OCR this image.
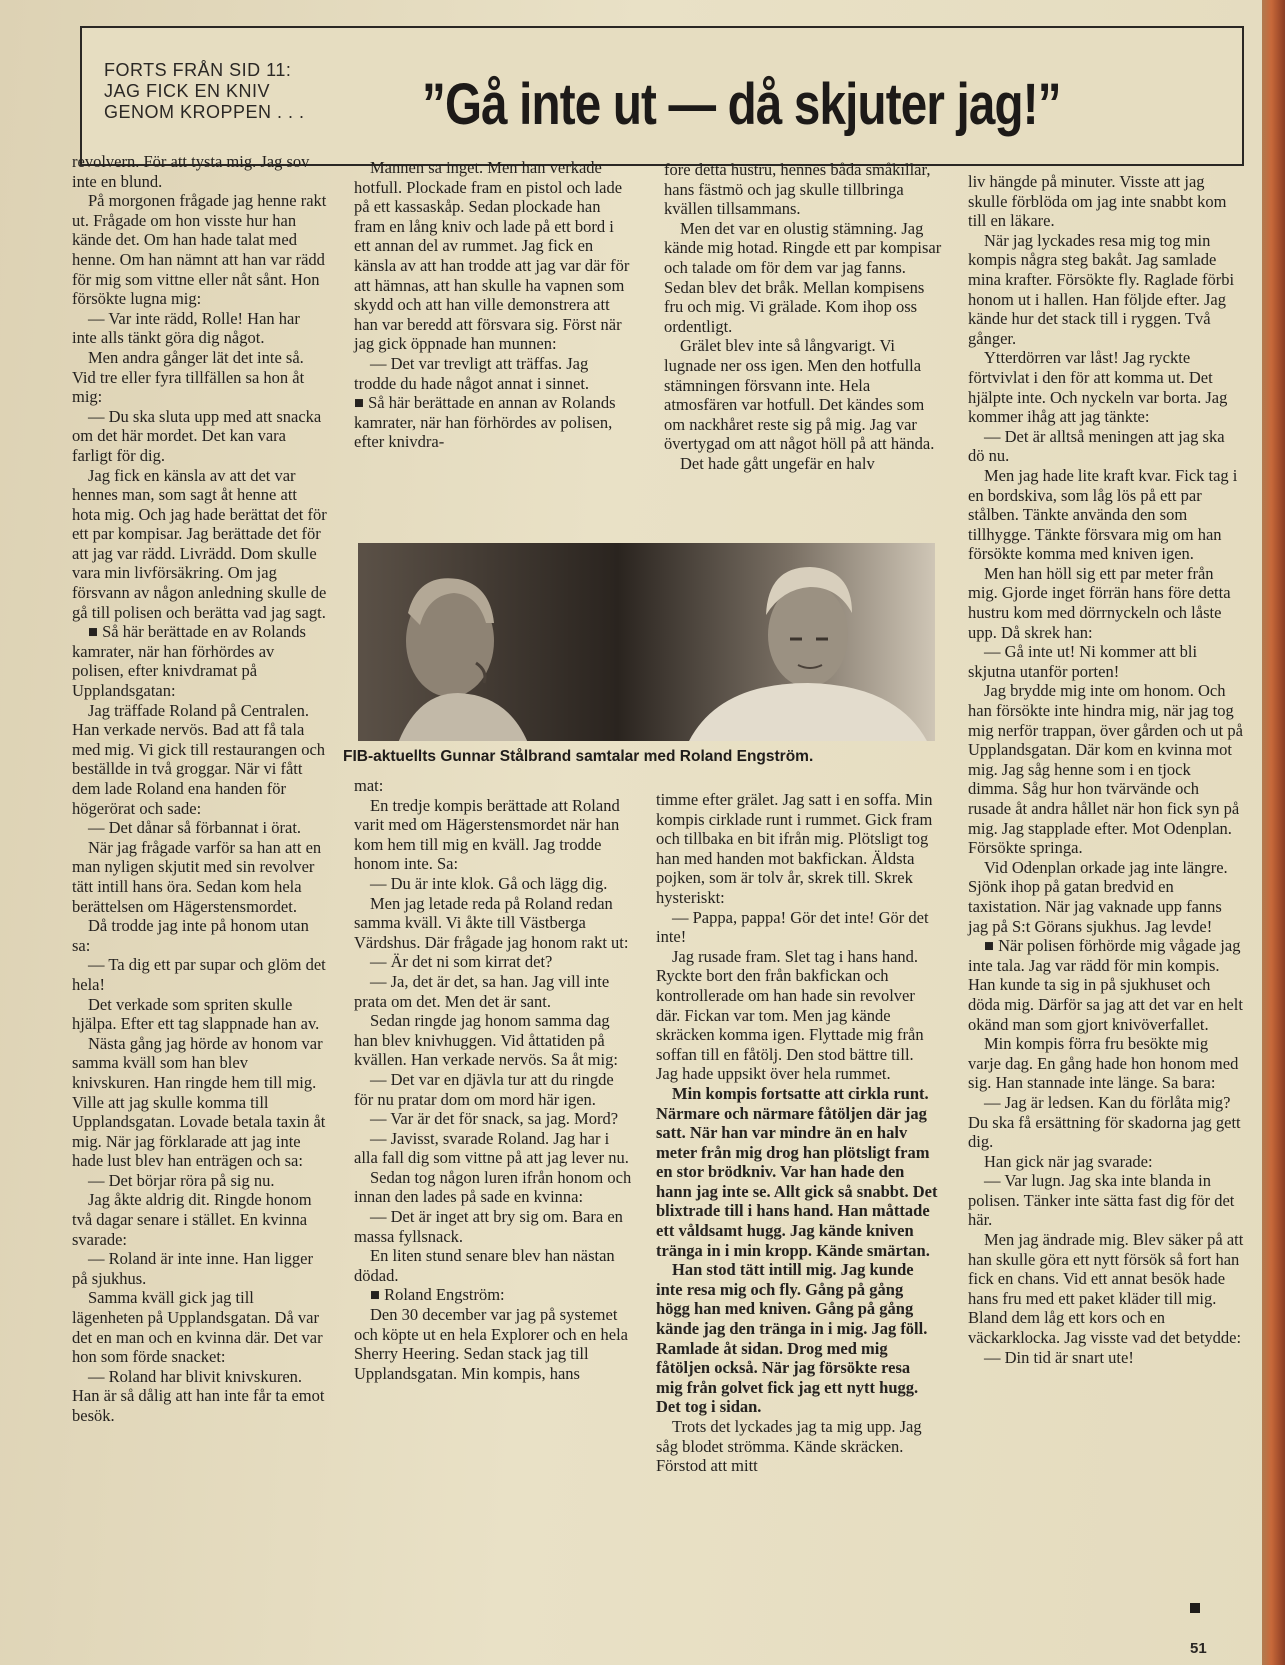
FORTS FRÅN SID 11:
JAG FICK EN KNIV
GENOM KROPPEN . . .	”Gå inte ut — då skjuter jag!”

revolvern. För att tysta mig. Jag sov inte en blund.

På morgonen frågade jag henne rakt ut. Frågade om hon visste hur han kände det. Om han hade talat med henne. Om han nämnt att han var rädd för mig som vittne eller nåt sånt. Hon försökte lugna mig:

— Var inte rädd, Rolle! Han har inte alls tänkt göra dig något.

Men andra gånger lät det inte så. Vid tre eller fyra tillfällen sa hon åt mig:

— Du ska sluta upp med att snacka om det här mordet. Det kan vara farligt för dig.

Jag fick en känsla av att det var hennes man, som sagt åt henne att hota mig. Och jag hade berättat det för ett par kompisar. Jag berättade det för att jag var rädd. Livrädd. Dom skulle vara min livförsäkring. Om jag försvann av någon anledning skulle de gå till polisen och berätta vad jag sagt.

■ Så här berättade en av Rolands kamrater, när han förhördes av polisen, efter knivdramat på Upplandsgatan:

Jag träffade Roland på Centralen. Han verkade nervös. Bad att få tala med mig. Vi gick till restaurangen och beställde in två groggar. När vi fått dem lade Roland ena handen för högerörat och sade:

— Det dånar så förbannat i örat.

När jag frågade varför sa han att en man nyligen skjutit med sin revolver tätt intill hans öra. Sedan kom hela berättelsen om Hägerstensmordet.

Då trodde jag inte på honom utan sa:

— Ta dig ett par supar och glöm det hela!

Det verkade som spriten skulle hjälpa. Efter ett tag slappnade han av.

Nästa gång jag hörde av honom var samma kväll som han blev knivskuren. Han ringde hem till mig. Ville att jag skulle komma till Upplandsgatan. Lovade betala taxin åt mig. När jag förklarade att jag inte hade lust blev han enträgen och sa:

— Det börjar röra på sig nu.

Jag åkte aldrig dit. Ringde honom två dagar senare i stället. En kvinna svarade:

— Roland är inte inne. Han ligger på sjukhus.

Samma kväll gick jag till lägenheten på Upplandsgatan. Då var det en man och en kvinna där. Det var hon som förde snacket:

— Roland har blivit knivskuren. Han är så dålig att han inte får ta emot besök.

Mannen sa inget. Men han verkade hotfull. Plockade fram en pistol och lade på ett kassaskåp. Sedan plockade han fram en lång kniv och lade på ett bord i ett annan del av rummet. Jag fick en känsla av att han trodde att jag var där för att hämnas, att han skulle ha vapnen som skydd och att han ville demonstrera att han var beredd att försvara sig. Först när jag gick öppnade han munnen:

— Det var trevligt att träffas. Jag trodde du hade något annat i sinnet.

■ Så här berättade en annan av Rolands kamrater, när han förhördes av polisen, efter knivdra-

före detta hustru, hennes båda småkillar, hans fästmö och jag skulle tillbringa kvällen tillsammans.

Men det var en olustig stämning. Jag kände mig hotad. Ringde ett par kompisar och talade om för dem var jag fanns. Sedan blev det bråk. Mellan kompisens fru och mig. Vi grälade. Kom ihop oss ordentligt.

Grälet blev inte så långvarigt. Vi lugnade ner oss igen. Men den hotfulla stämningen försvann inte. Hela atmosfären var hotfull. Det kändes som om nackhåret reste sig på mig. Jag var övertygad om att något höll på att hända.

Det hade gått ungefär en halv

liv hängde på minuter. Visste att jag skulle förblöda om jag inte snabbt kom till en läkare.

När jag lyckades resa mig tog min kompis några steg bakåt. Jag samlade mina krafter. Försökte fly. Raglade förbi honom ut i hallen. Han följde efter. Jag kände hur det stack till i ryggen. Två gånger.

Ytterdörren var låst! Jag ryckte förtvivlat i den för att komma ut. Det hjälpte inte. Och nyckeln var borta. Jag kommer ihåg att jag tänkte:

— Det är alltså meningen att jag ska dö nu.

Men jag hade lite kraft kvar. Fick tag i en bordskiva, som låg lös på ett par stålben. Tänkte använda den som tillhygge. Tänkte försvara mig om han försökte komma med kniven igen.

Men han höll sig ett par meter från mig. Gjorde inget förrän hans före detta hustru kom med dörrnyckeln och låste upp. Då skrek han:

— Gå inte ut! Ni kommer att bli skjutna utanför porten!

Jag brydde mig inte om honom. Och han försökte inte hindra mig, när jag tog mig nerför trappan, över gården och ut på Upplandsgatan. Där kom en kvinna mot mig. Jag såg henne som i en tjock dimma. Såg hur hon tvärvände och rusade åt andra hållet när hon fick syn på mig. Jag stapplade efter. Mot Odenplan. Försökte springa.

Vid Odenplan orkade jag inte längre. Sjönk ihop på gatan bredvid en taxistation. När jag vaknade upp fanns jag på S:t Görans sjukhus. Jag levde!

■ När polisen förhörde mig vågade jag inte tala. Jag var rädd för min kompis. Han kunde ta sig in på sjukhuset och döda mig. Därför sa jag att det var en helt okänd man som gjort knivöverfallet.

Min kompis förra fru besökte mig varje dag. En gång hade hon honom med sig. Han stannade inte länge. Sa bara:

— Jag är ledsen. Kan du förlåta mig? Du ska få ersättning för skadorna jag gett dig.

Han gick när jag svarade:

— Var lugn. Jag ska inte blanda in polisen. Tänker inte sätta fast dig för det här.

Men jag ändrade mig. Blev säker på att han skulle göra ett nytt försök så fort han fick en chans. Vid ett annat besök hade hans fru med ett paket kläder till mig. Bland dem låg ett kors och en väckarklocka. Jag visste vad det betydde:

— Din tid är snart ute!

FIB-aktuellts Gunnar Stålbrand samtalar med Roland Engström.

mat:

En tredje kompis berättade att Roland varit med om Hägerstensmordet när han kom hem till mig en kväll. Jag trodde honom inte. Sa:

— Du är inte klok. Gå och lägg dig.

Men jag letade reda på Roland redan samma kväll. Vi åkte till Västberga Värdshus. Där frågade jag honom rakt ut:

— Är det ni som kirrat det?

— Ja, det är det, sa han. Jag vill inte prata om det. Men det är sant.

Sedan ringde jag honom samma dag han blev knivhuggen. Vid åttatiden på kvällen. Han verkade nervös. Sa åt mig:

— Det var en djävla tur att du ringde för nu pratar dom om mord här igen.

— Var är det för snack, sa jag. Mord?

— Javisst, svarade Roland. Jag har i alla fall dig som vittne på att jag lever nu.

Sedan tog någon luren ifrån honom och innan den lades på sade en kvinna:

— Det är inget att bry sig om. Bara en massa fyllsnack.

En liten stund senare blev han nästan dödad.

■ Roland Engström:

Den 30 december var jag på systemet och köpte ut en hela Explorer och en hela Sherry Heering. Sedan stack jag till Upplandsgatan. Min kompis, hans

timme efter grälet. Jag satt i en soffa. Min kompis cirklade runt i rummet. Gick fram och tillbaka en bit ifrån mig. Plötsligt tog han med handen mot bakfickan. Äldsta pojken, som är tolv år, skrek till. Skrek hysteriskt:

— Pappa, pappa! Gör det inte! Gör det inte!

Jag rusade fram. Slet tag i hans hand. Ryckte bort den från bakfickan och kontrollerade om han hade sin revolver där. Fickan var tom. Men jag kände skräcken komma igen. Flyttade mig från soffan till en fåtölj. Den stod bättre till. Jag hade uppsikt över hela rummet.

Min kompis fortsatte att cirkla runt. Närmare och närmare fåtöljen där jag satt. När han var mindre än en halv meter från mig drog han plötsligt fram en stor brödkniv. Var han hade den hann jag inte se. Allt gick så snabbt. Det blixtrade till i hans hand. Han måttade ett våldsamt hugg. Jag kände kniven tränga in i min kropp. Kände smärtan.

Han stod tätt intill mig. Jag kunde inte resa mig och fly. Gång på gång högg han med kniven. Gång på gång kände jag den tränga in i mig. Jag föll. Ramlade åt sidan. Drog med mig fåtöljen också. När jag försökte resa mig från golvet fick jag ett nytt hugg. Det tog i sidan.

Trots det lyckades jag ta mig upp. Jag såg blodet strömma. Kände skräcken. Förstod att mitt

51
